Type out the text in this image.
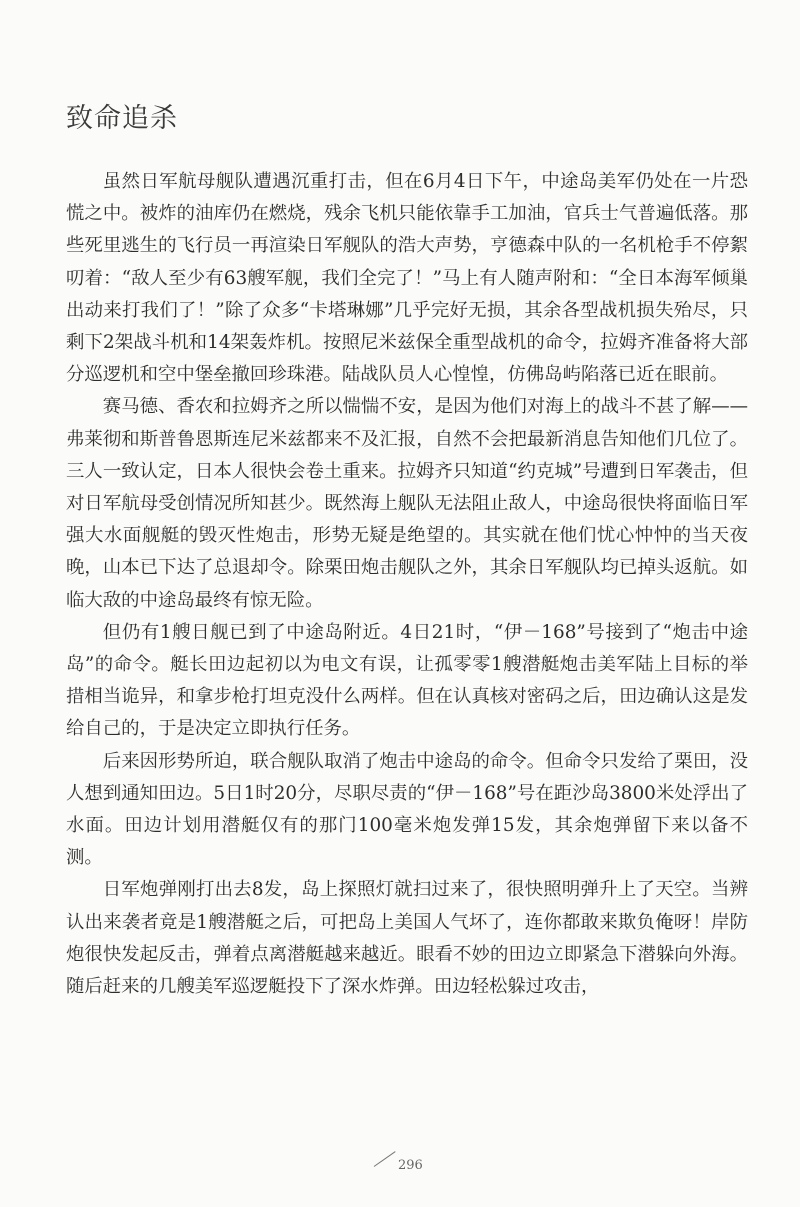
致命追杀

虽然日军航母舰队遭遇沉重打击，但在6月4日下午，中途岛美军仍处在一片恐慌之中。被炸的油库仍在燃烧，残余飞机只能依靠手工加油，官兵士气普遍低落。那些死里逃生的飞行员一再渲染日军舰队的浩大声势，亨德森中队的一名机枪手不停絮叨着：“敌人至少有63艘军舰，我们全完了！”马上有人随声附和：“全日本海军倾巢出动来打我们了！”除了众多“卡塔琳娜”几乎完好无损，其余各型战机损失殆尽，只剩下2架战斗机和14架轰炸机。按照尼米兹保全重型战机的命令，拉姆齐准备将大部分巡逻机和空中堡垒撤回珍珠港。陆战队员人心惶惶，仿佛岛屿陷落已近在眼前。

赛马德、香农和拉姆齐之所以惴惴不安，是因为他们对海上的战斗不甚了解——弗莱彻和斯普鲁恩斯连尼米兹都来不及汇报，自然不会把最新消息告知他们几位了。三人一致认定，日本人很快会卷土重来。拉姆齐只知道“约克城”号遭到日军袭击，但对日军航母受创情况所知甚少。既然海上舰队无法阻止敌人，中途岛很快将面临日军强大水面舰艇的毁灭性炮击，形势无疑是绝望的。其实就在他们忧心忡忡的当天夜晚，山本已下达了总退却令。除栗田炮击舰队之外，其余日军舰队均已掉头返航。如临大敌的中途岛最终有惊无险。

但仍有1艘日舰已到了中途岛附近。4日21时，“伊－168”号接到了“炮击中途岛”的命令。艇长田边起初以为电文有误，让孤零零1艘潜艇炮击美军陆上目标的举措相当诡异，和拿步枪打坦克没什么两样。但在认真核对密码之后，田边确认这是发给自己的，于是决定立即执行任务。

后来因形势所迫，联合舰队取消了炮击中途岛的命令。但命令只发给了栗田，没人想到通知田边。5日1时20分，尽职尽责的“伊－168”号在距沙岛3800米处浮出了水面。田边计划用潜艇仅有的那门100毫米炮发弹15发，其余炮弹留下来以备不测。

日军炮弹刚打出去8发，岛上探照灯就扫过来了，很快照明弹升上了天空。当辨认出来袭者竟是1艘潜艇之后，可把岛上美国人气坏了，连你都敢来欺负俺呀！岸防炮很快发起反击，弹着点离潜艇越来越近。眼看不妙的田边立即紧急下潜躲向外海。随后赶来的几艘美军巡逻艇投下了深水炸弹。田边轻松躲过攻击，

296
